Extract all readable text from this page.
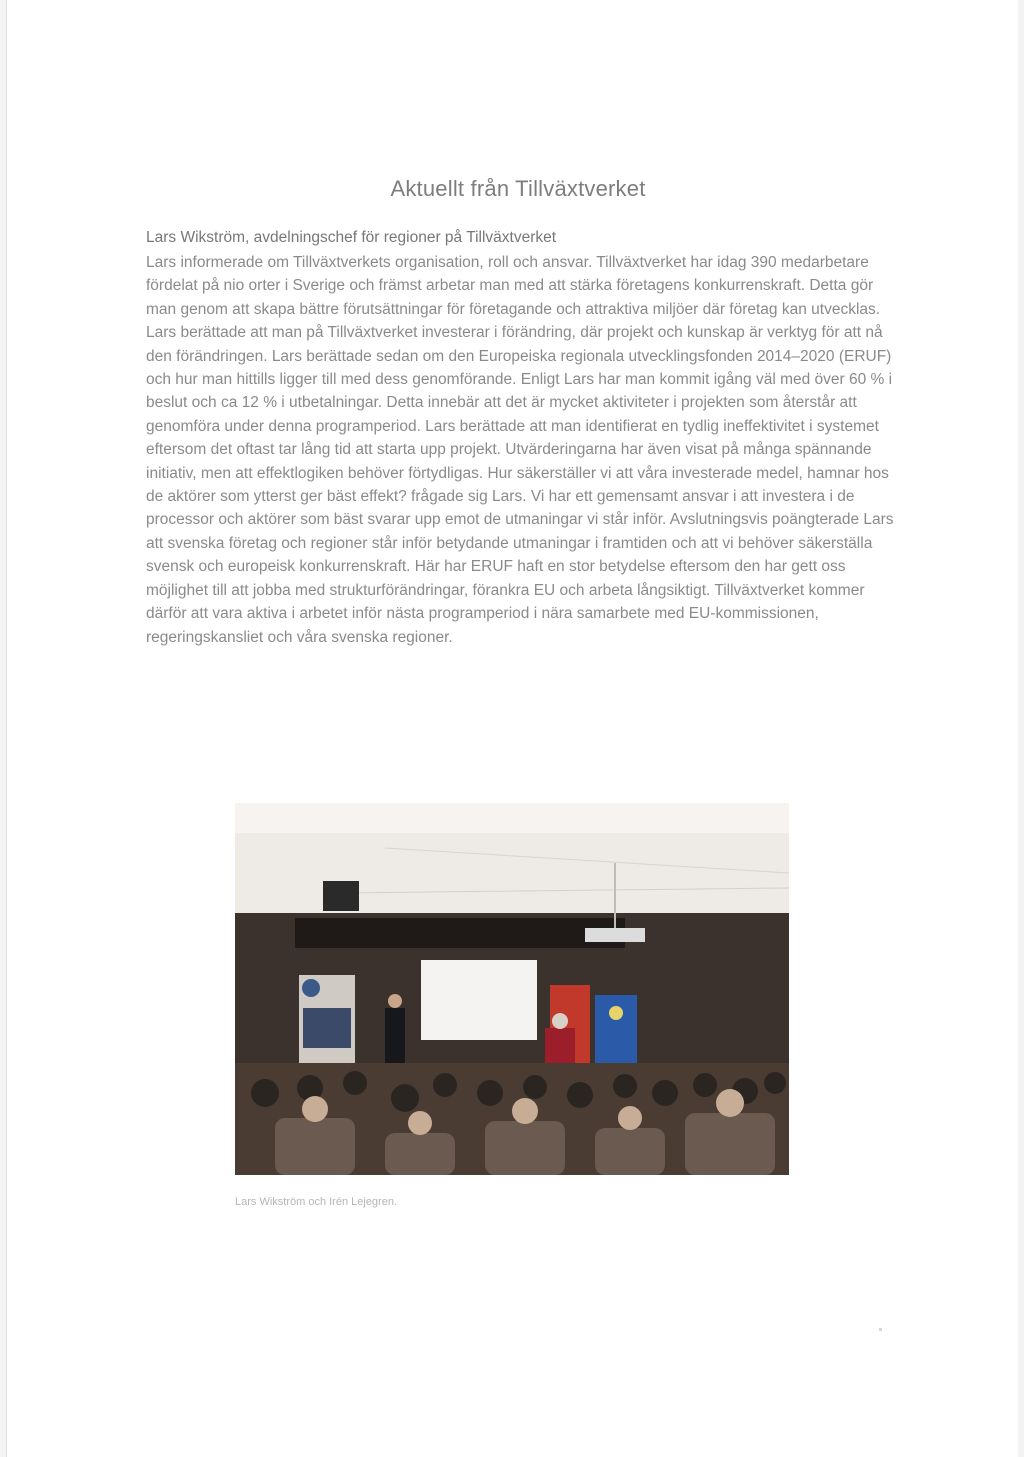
Aktuellt från Tillväxtverket

Lars Wikström, avdelningschef för regioner på Tillväxtverket

Lars informerade om Tillväxtverkets organisation, roll och ansvar. Tillväxtverket har idag 390 medarbetare fördelat på nio orter i Sverige och främst arbetar man med att stärka företagens konkurrenskraft. Detta gör man genom att skapa bättre förutsättningar för företagande och attraktiva miljöer där företag kan utvecklas. Lars berättade att man på Tillväxtverket investerar i förändring, där projekt och kunskap är verktyg för att nå den förändringen. Lars berättade sedan om den Europeiska regionala utvecklingsfonden 2014–2020 (ERUF) och hur man hittills ligger till med dess genomförande. Enligt Lars har man kommit igång väl med över 60 % i beslut och ca 12 % i utbetalningar. Detta innebär att det är mycket aktiviteter i projekten som återstår att genomföra under denna programperiod. Lars berättade att man identifierat en tydlig ineffektivitet i systemet eftersom det oftast tar lång tid att starta upp projekt. Utvärderingarna har även visat på många spännande initiativ, men att effektlogiken behöver förtydligas. Hur säkerställer vi att våra investerade medel, hamnar hos de aktörer som ytterst ger bäst effekt? frågade sig Lars. Vi har ett gemensamt ansvar i att investera i de processor och aktörer som bäst svarar upp emot de utmaningar vi står inför. Avslutningsvis poängterade Lars att svenska företag och regioner står inför betydande utmaningar i framtiden och att vi behöver säkerställa svensk och europeisk konkurrenskraft. Här har ERUF haft en stor betydelse eftersom den har gett oss möjlighet till att jobba med strukturförändringar, förankra EU och arbeta långsiktigt. Tillväxtverket kommer därför att vara aktiva i arbetet inför nästa programperiod i nära samarbete med EU-kommissionen, regeringskansliet och våra svenska regioner.

Lars Wikström och Irén Lejegren.
